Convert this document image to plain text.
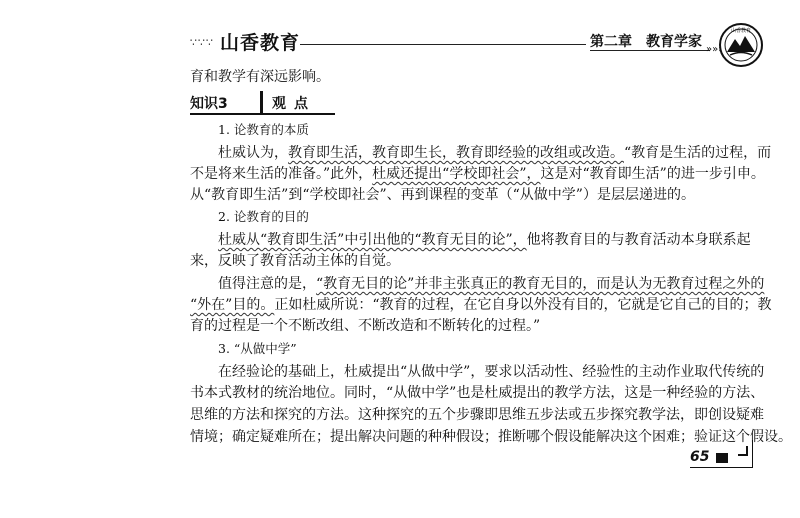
∵∵∵ 山香教育	第二章　教育学家 »»›
山香教育
育和教学有深远影响。
知识3	观点
1. 论教育的本质
杜威认为，教育即生活，教育即生长，教育即经验的改组或改造。“教育是生活的过程，而
不是将来生活的准备。”此外，杜威还提出“学校即社会”，这是对“教育即生活”的进一步引申。
从“教育即生活”到“学校即社会”、再到课程的变革（“从做中学”）是层层递进的。
2. 论教育的目的
杜威从“教育即生活”中引出他的“教育无目的论”，他将教育目的与教育活动本身联系起
来，反映了教育活动主体的自觉。
值得注意的是，“教育无目的论”并非主张真正的教育无目的，而是认为无教育过程之外的
“外在”目的。正如杜威所说：“教育的过程，在它自身以外没有目的，它就是它自己的目的；教
育的过程是一个不断改组、不断改造和不断转化的过程。”
3. “从做中学”
在经验论的基础上，杜威提出“从做中学”，要求以活动性、经验性的主动作业取代传统的
书本式教材的统治地位。同时，“从做中学”也是杜威提出的教学方法，这是一种经验的方法、
思维的方法和探究的方法。这种探究的五个步骤即思维五步法或五步探究教学法，即创设疑难
情境；确定疑难所在；提出解决问题的种种假设；推断哪个假设能解决这个困难；验证这个假设。
65
